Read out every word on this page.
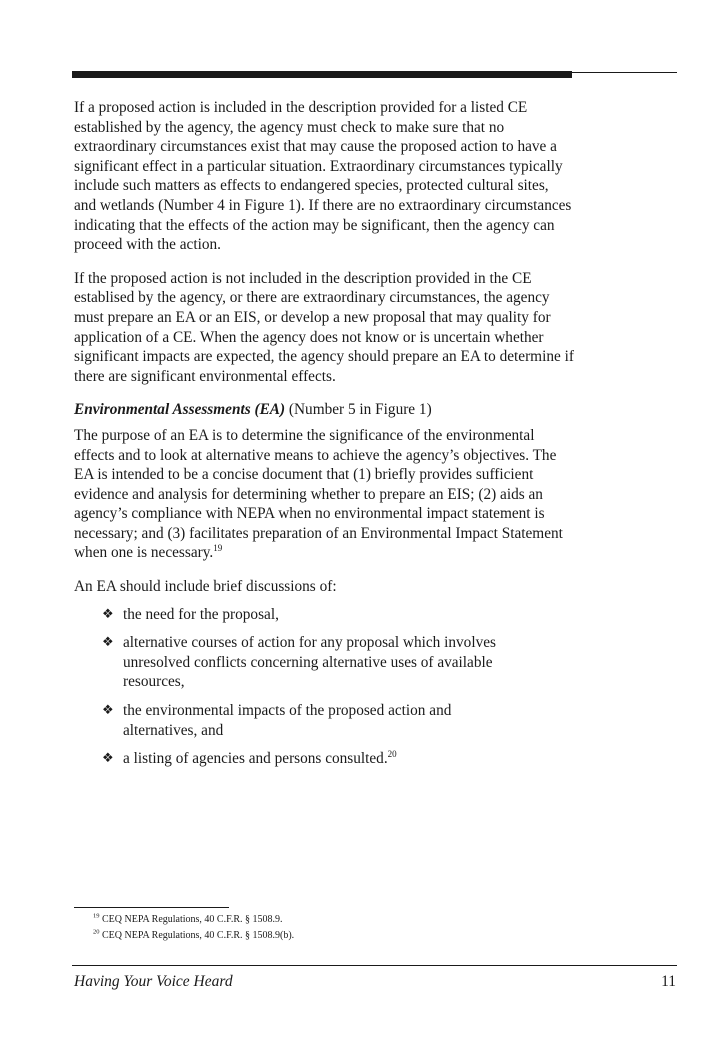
If a proposed action is included in the description provided for a listed CE established by the agency, the agency must check to make sure that no extraordinary circumstances exist that may cause the proposed action to have a significant effect in a particular situation. Extraordinary circumstances typically include such matters as effects to endangered species, protected cultural sites, and wetlands (Number 4 in Figure 1). If there are no extraordinary circumstances indicating that the effects of the action may be significant, then the agency can proceed with the action.

If the proposed action is not included in the description provided in the CE establised by the agency, or there are extraordinary circumstances, the agency must prepare an EA or an EIS, or develop a new proposal that may quality for application of a CE. When the agency does not know or is uncertain whether significant impacts are expected, the agency should prepare an EA to determine if there are significant environmental effects.

Environmental Assessments (EA) (Number 5 in Figure 1)

The purpose of an EA is to determine the significance of the environmental effects and to look at alternative means to achieve the agency’s objectives. The EA is intended to be a concise document that (1) briefly provides sufficient evidence and analysis for determining whether to prepare an EIS; (2) aids an agency’s compliance with NEPA when no environmental impact statement is necessary; and (3) facilitates preparation of an Environmental Impact Statement when one is necessary.$^{19}$

An EA should include brief discussions of:

❖ the need for the proposal,
❖ alternative courses of action for any proposal which involves unresolved conflicts concerning alternative uses of available resources,
❖ the environmental impacts of the proposed action and alternatives, and
❖ a listing of agencies and persons consulted.$^{20}$
$^{19}$ CEQ NEPA Regulations, 40 C.F.R. § 1508.9.
$^{20}$ CEQ NEPA Regulations, 40 C.F.R. § 1508.9(b).
Having Your Voice Heard	11
